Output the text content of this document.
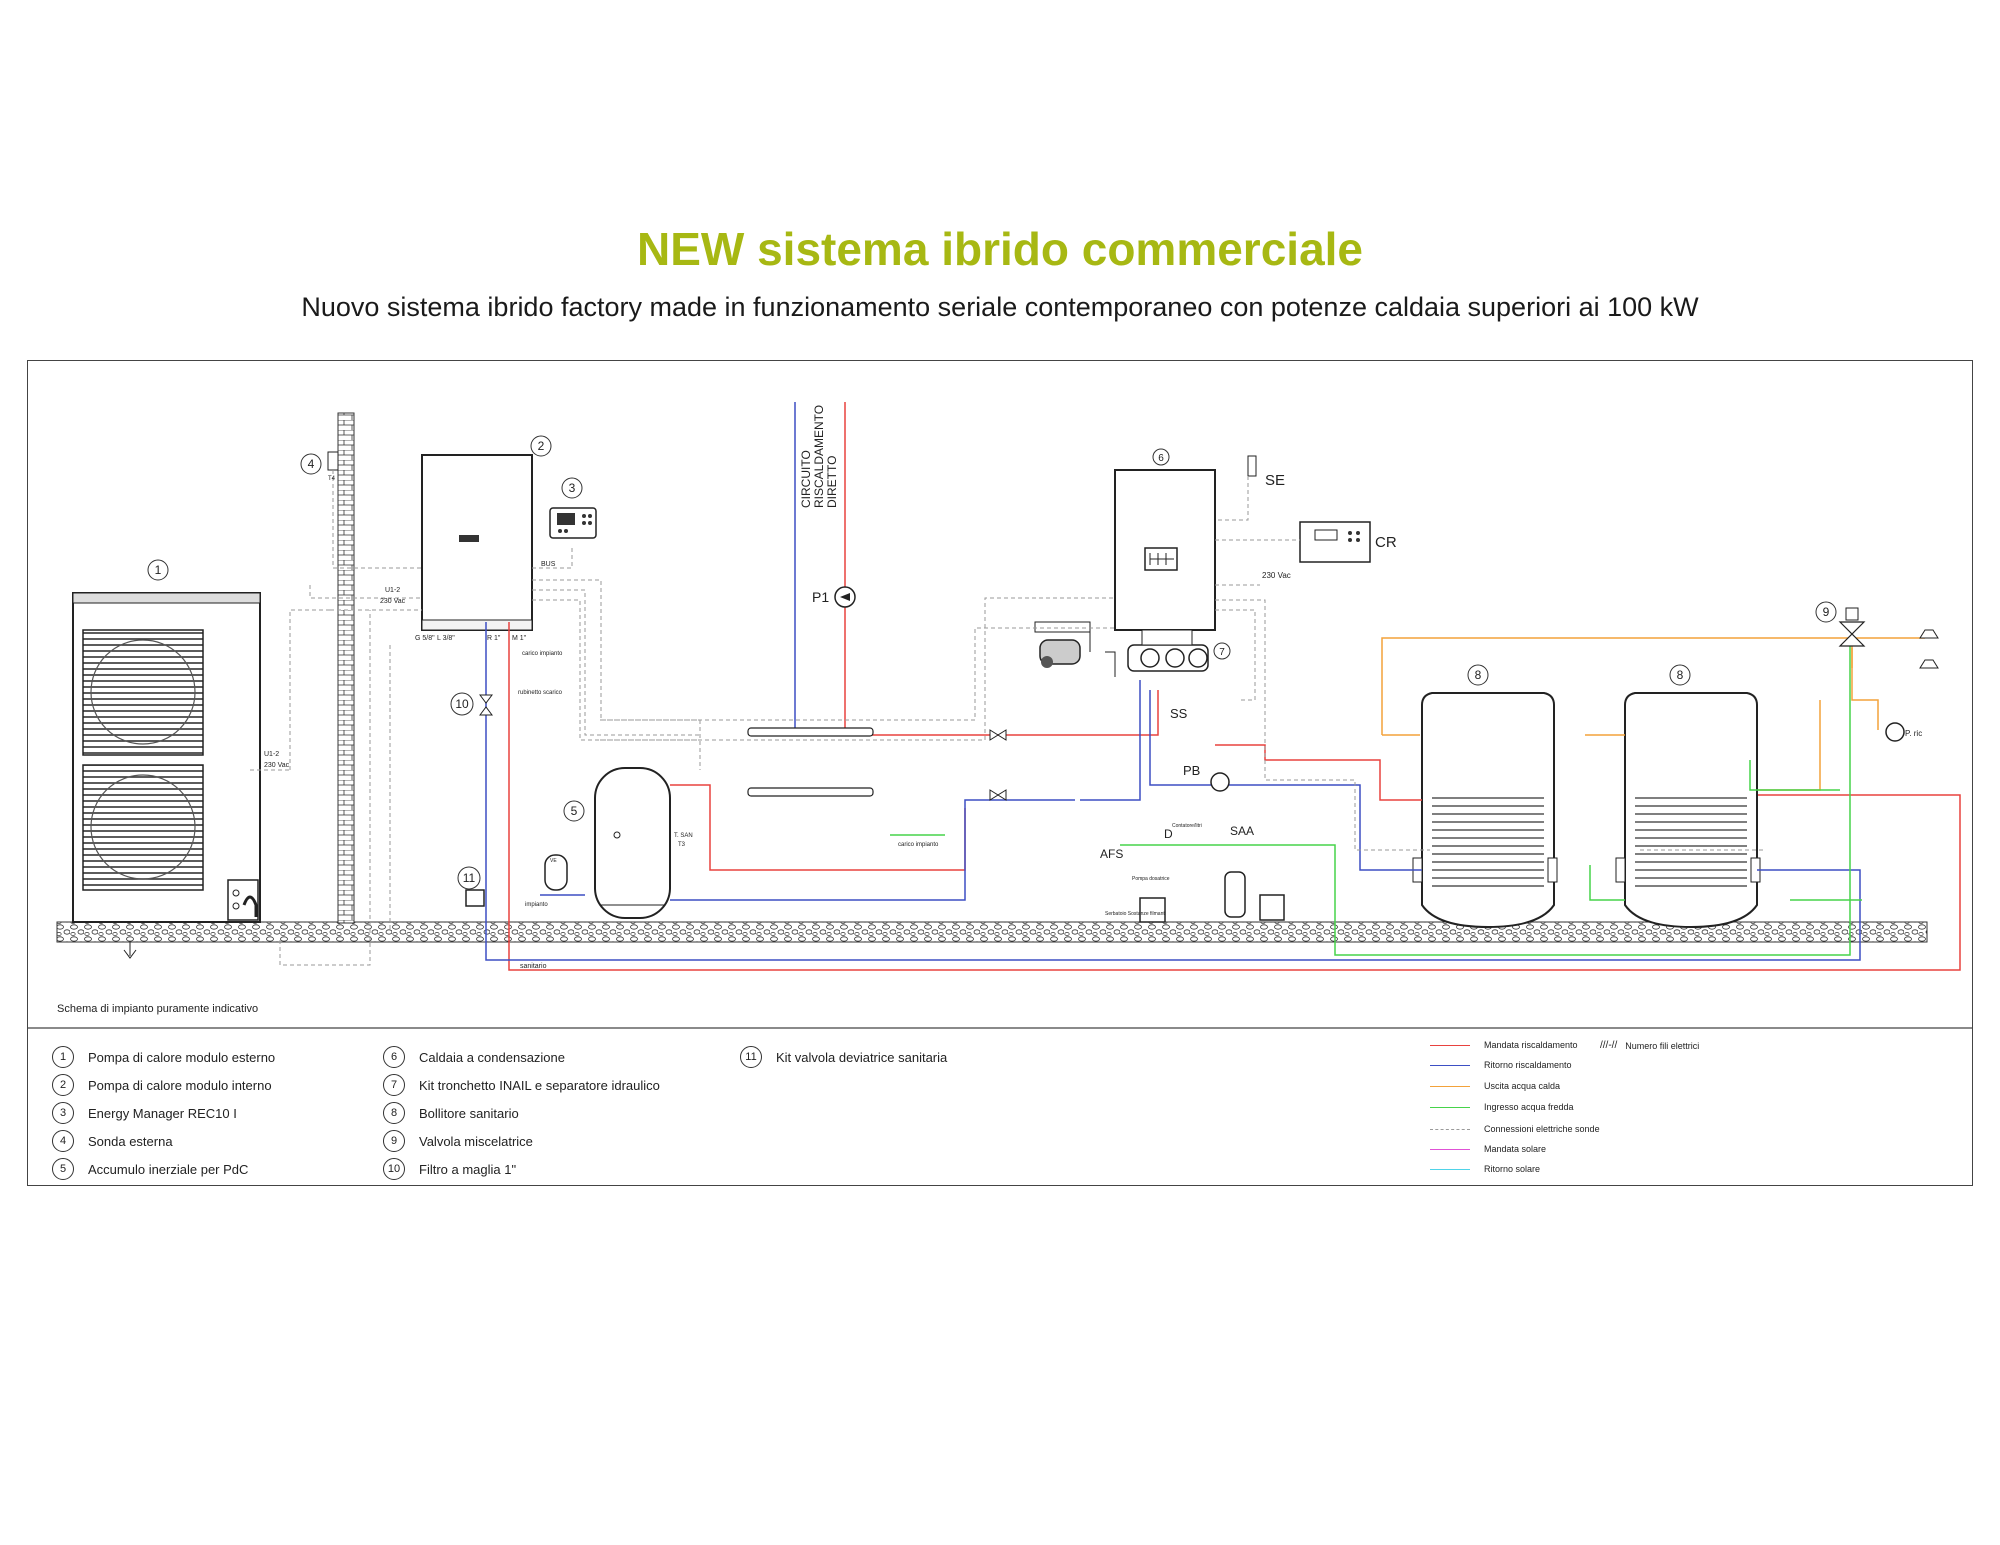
NEW sistema ibrido commerciale
Nuovo sistema ibrido factory made in funzionamento seriale contemporaneo con potenze caldaia superiori ai 100 kW
1
2
3
4
5
6
7
8	8
9
10
11
CIRCUITO RISCALDAMENTO DIRETTO
P1
SE
CR
SS
PB
AFS
D	SAA
230 Vac
U1-2
230 Vac
U1-2
230 Vac
BUS
T4
G 5/8" L 3/8"	R 1" M 1"
carico impianto
rubinetto scarico
impianto
T. SAN
T3
sanitario
carico impianto
P. ric
VE
Contatore/litri
Pompa dosatrice
Serbatoio Sostanze filmanti
Schema di impianto puramente indicativo
1	Pompa di calore modulo esterno
2	Pompa di calore modulo interno
3	Energy Manager REC10 I
4	Sonda esterna
5	Accumulo inerziale per PdC
6	Caldaia a condensazione
7	Kit tronchetto INAIL e separatore idraulico
8	Bollitore sanitario
9	Valvola miscelatrice
10	Filtro a maglia 1"
11	Kit valvola deviatrice sanitaria
Mandata riscaldamento
Ritorno riscaldamento
Uscita acqua calda
Ingresso acqua fredda
Connessioni elettriche sonde
Mandata solare
Ritorno solare
///-// Numero fili elettrici
